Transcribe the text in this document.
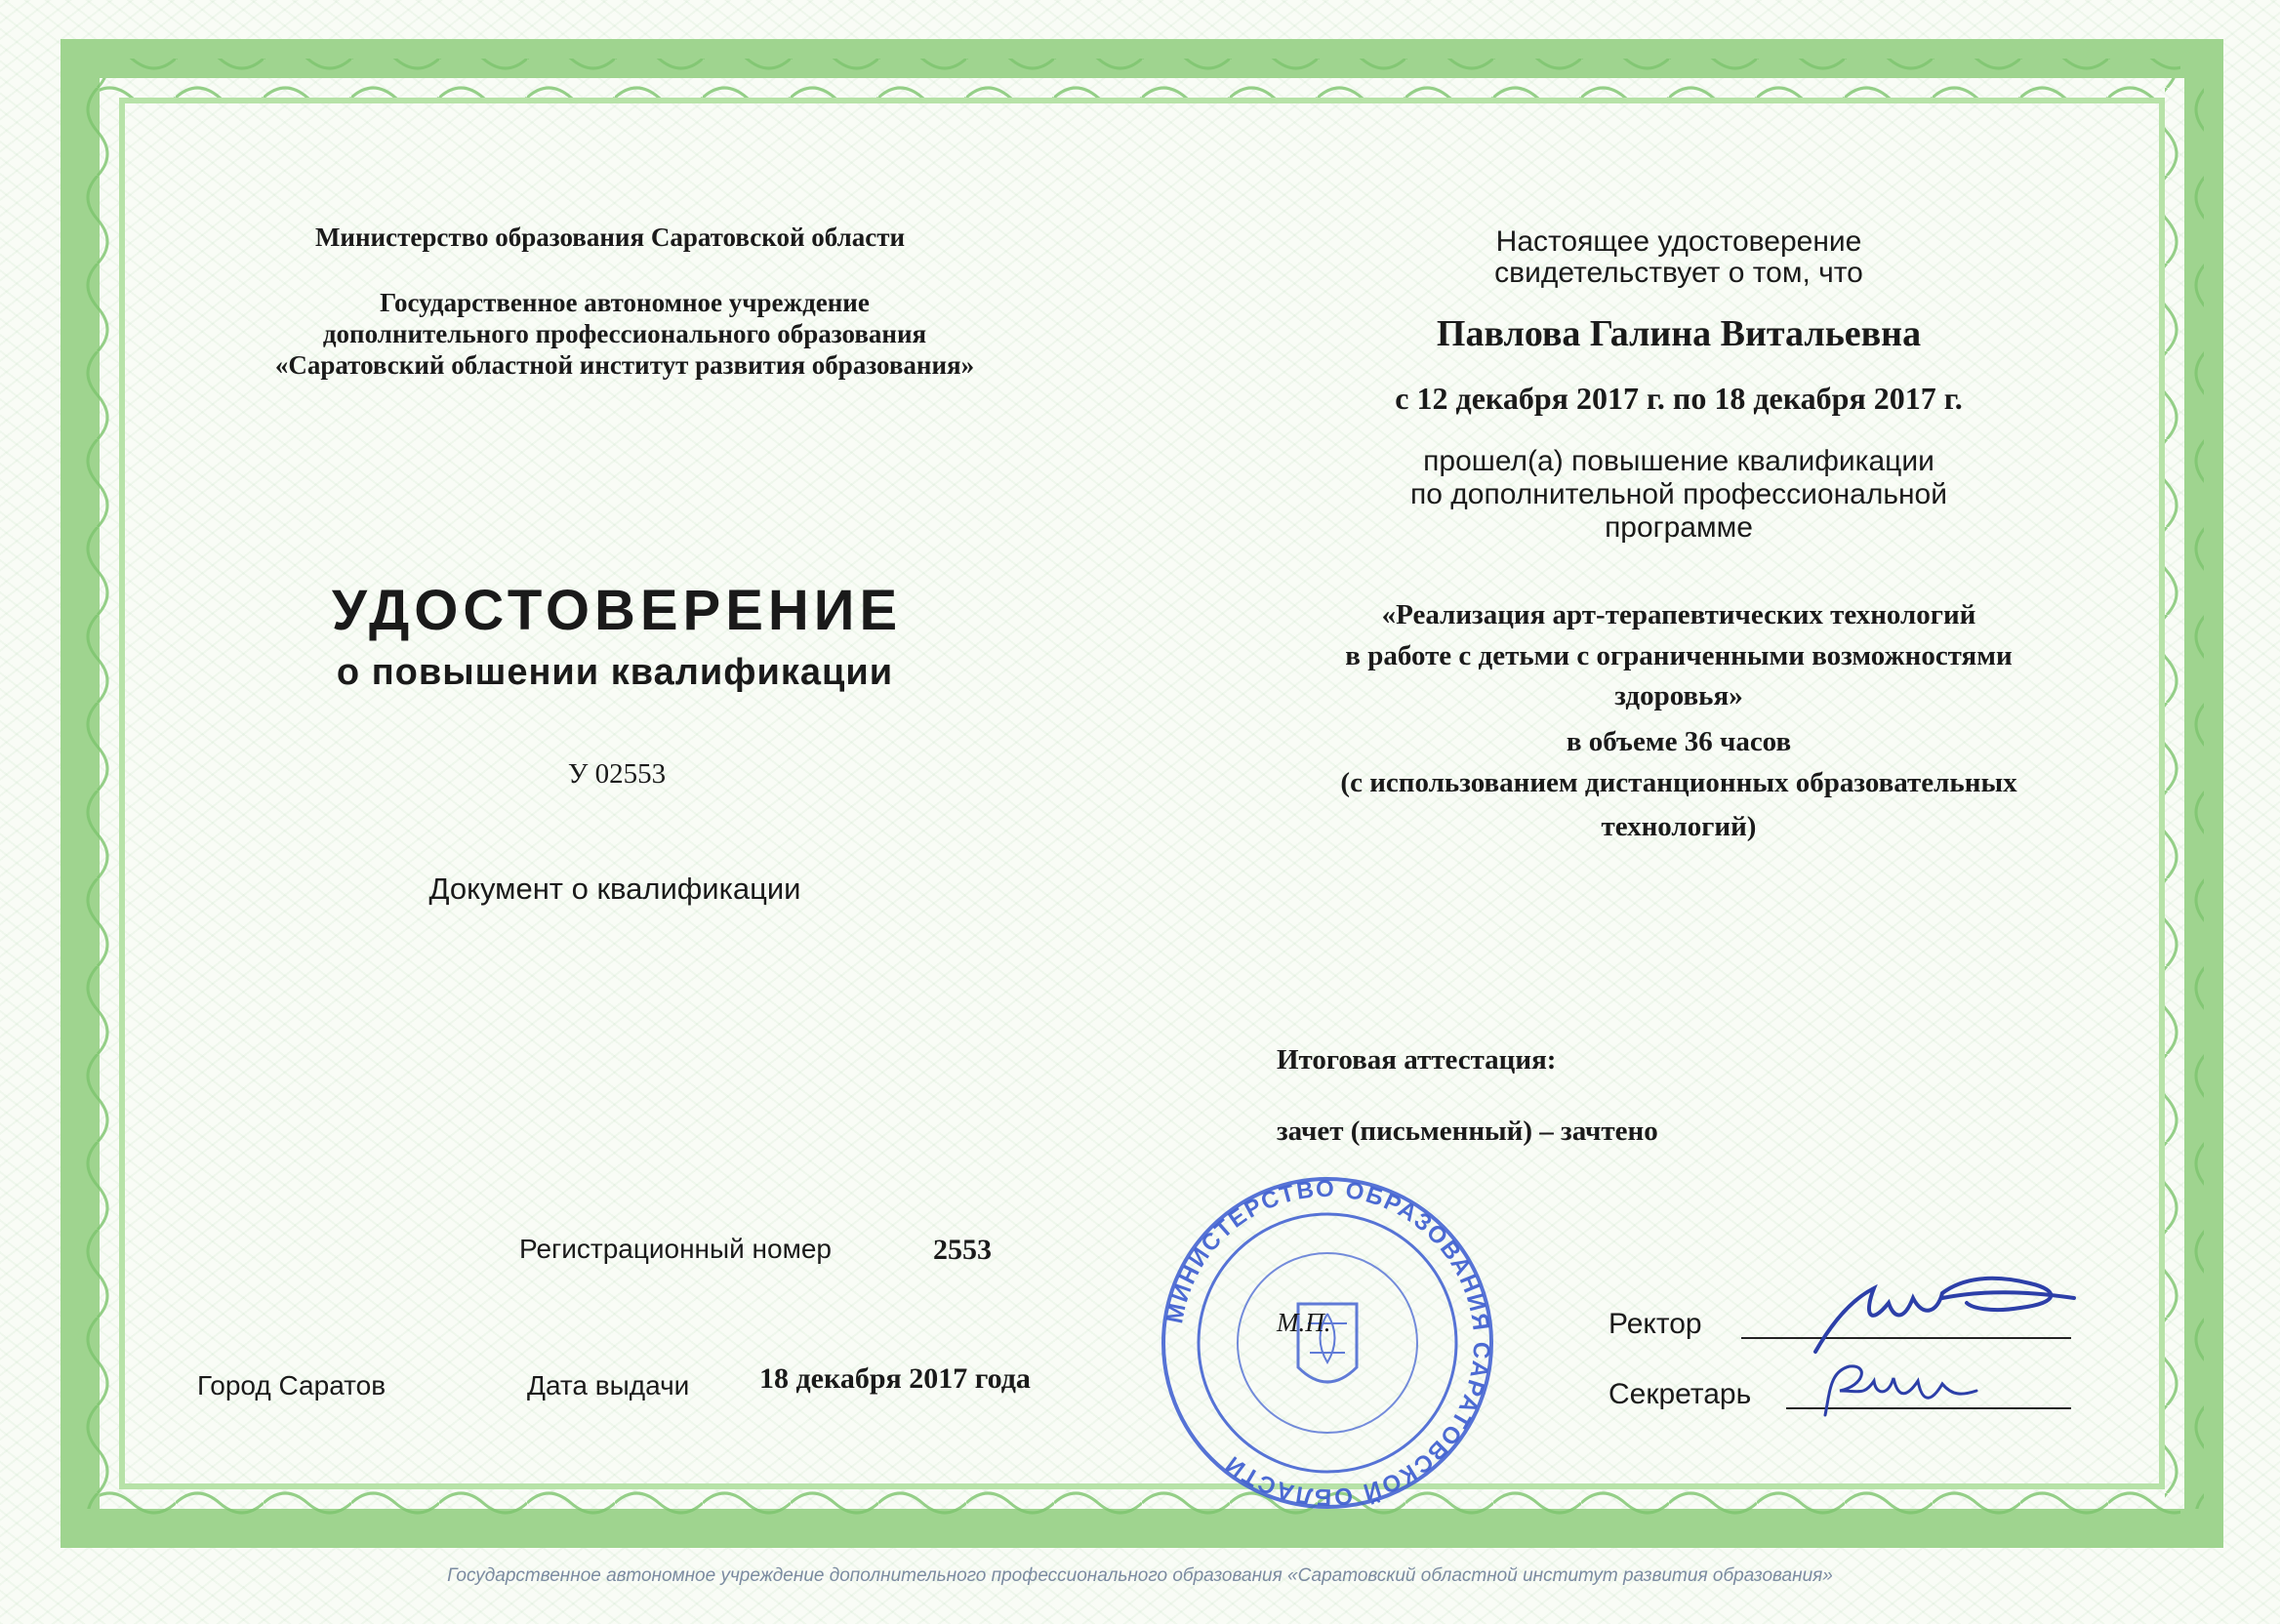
Министерство образования Саратовской области
Государственное автономное учреждение
дополнительного профессионального образования
«Саратовский областной институт развития образования»
УДОСТОВЕРЕНИЕ
о повышении квалификации
У 02553
Документ о квалификации
Регистрационный номер	2553
Город Саратов	Дата выдачи 18 декабря 2017 года
Настоящее удостоверение
свидетельствует о том, что
Павлова Галина Витальевна
с 12 декабря 2017 г. по 18 декабря 2017 г.
прошел(а) повышение квалификации
по дополнительной профессиональной
программе
«Реализация арт-терапевтических технологий
в работе с детьми с ограниченными возможностями
здоровья»
в объеме 36 часов
(с использованием дистанционных образовательных
технологий)
Итоговая аттестация:
зачет (письменный) – зачтено
МИНИСТЕРСТВО ОБРАЗОВАНИЯ САРАТОВСКОЙ ОБЛАСТИ
М.П.	Ректор
Секретарь
Государственное автономное учреждение дополнительного профессионального образования «Саратовский областной институт развития образования»
